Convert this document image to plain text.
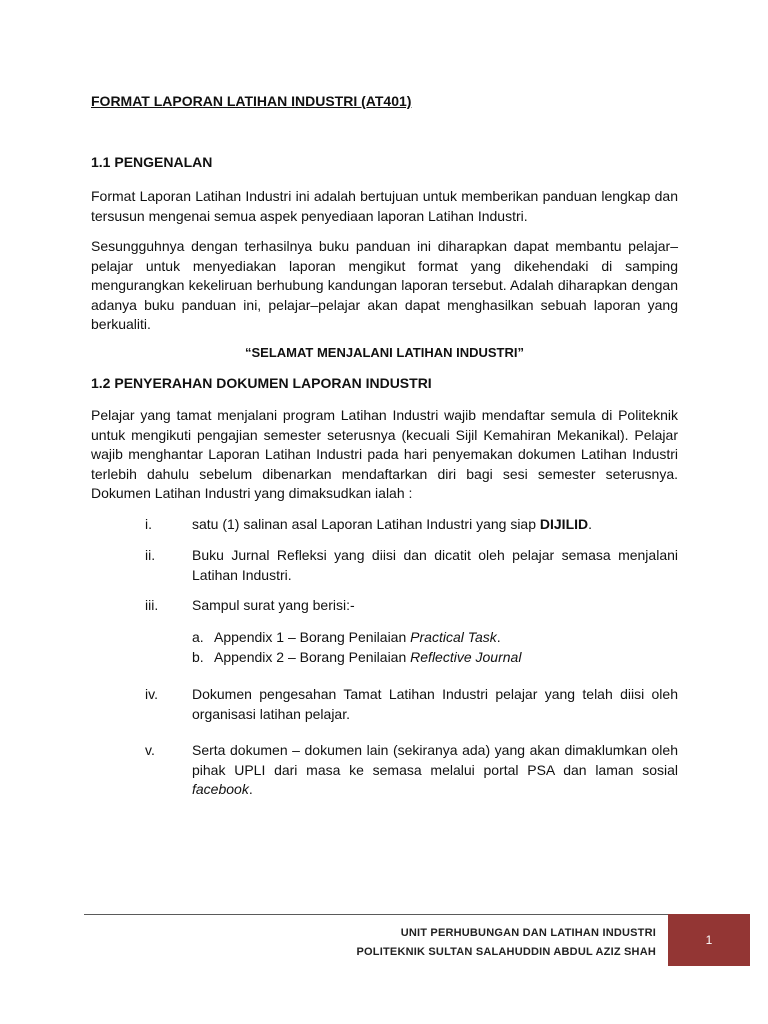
FORMAT LAPORAN LATIHAN INDUSTRI (AT401)
1.1 PENGENALAN

Format Laporan Latihan Industri ini adalah bertujuan untuk memberikan panduan lengkap dan tersusun mengenai semua aspek penyediaan laporan Latihan Industri.

Sesungguhnya dengan terhasilnya buku panduan ini diharapkan dapat membantu pelajar–pelajar untuk menyediakan laporan mengikut format yang dikehendaki di samping mengurangkan kekeliruan berhubung kandungan laporan tersebut. Adalah diharapkan dengan adanya buku panduan ini, pelajar–pelajar akan dapat menghasilkan sebuah laporan yang berkualiti.

“SELAMAT MENJALANI LATIHAN INDUSTRI”

1.2 PENYERAHAN DOKUMEN LAPORAN INDUSTRI

Pelajar yang tamat menjalani program Latihan Industri wajib mendaftar semula di Politeknik untuk mengikuti pengajian semester seterusnya (kecuali Sijil Kemahiran Mekanikal). Pelajar wajib menghantar Laporan Latihan Industri pada hari penyemakan dokumen Latihan Industri terlebih dahulu sebelum dibenarkan mendaftarkan diri bagi sesi semester seterusnya. Dokumen Latihan Industri yang dimaksudkan ialah :

i.	satu (1) salinan asal Laporan Latihan Industri yang siap DIJILID.
ii.	Buku Jurnal Refleksi yang diisi dan dicatit oleh pelajar semasa menjalani Latihan Industri.
iii. Sampul surat yang berisi:-
a. Appendix 1 – Borang Penilaian Practical Task.
b. Appendix 2 – Borang Penilaian Reflective Journal
iv. Dokumen pengesahan Tamat Latihan Industri pelajar yang telah diisi oleh organisasi latihan pelajar.
v.	Serta dokumen – dokumen lain (sekiranya ada) yang akan dimaklumkan oleh pihak UPLI dari masa ke semasa melalui portal PSA dan laman sosial facebook.
UNIT PERHUBUNGAN DAN LATIHAN INDUSTRI
POLITEKNIK SULTAN SALAHUDDIN ABDUL AZIZ SHAH
1
